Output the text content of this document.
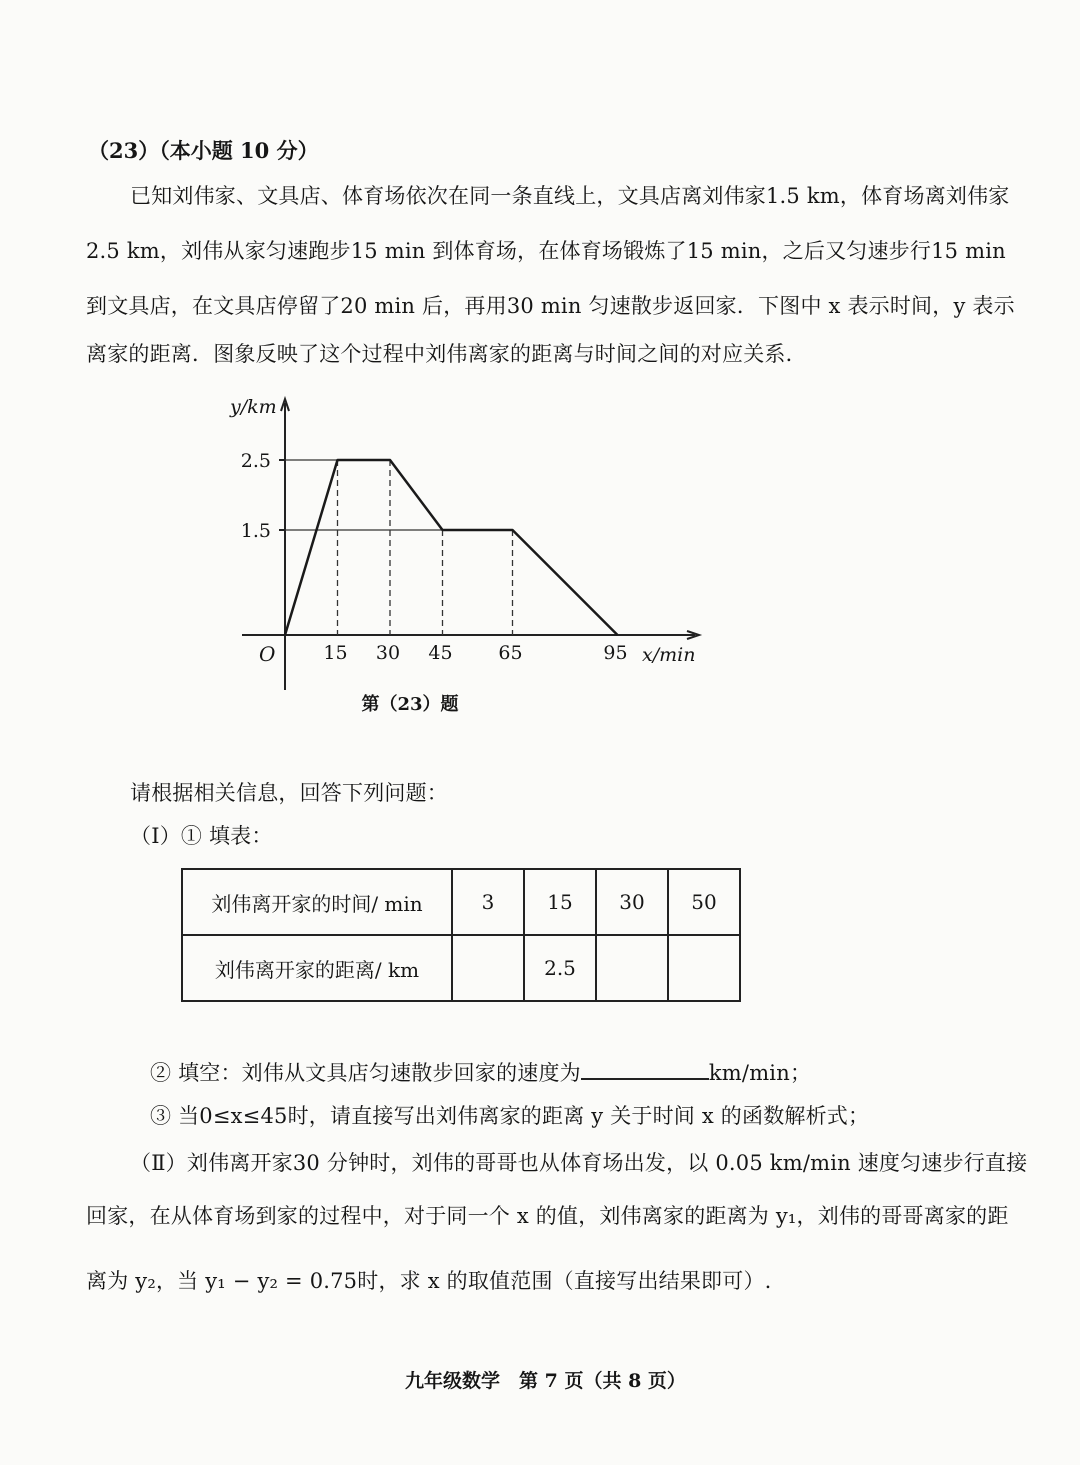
（23）（本小题 10 分）
已知刘伟家、文具店、体育场依次在同一条直线上，文具店离刘伟家1.5 km，体育场离刘伟家
2.5 km，刘伟从家匀速跑步15 min 到体育场，在体育场锻炼了15 min，之后又匀速步行15 min
到文具店，在文具店停留了20 min 后，再用30 min 匀速散步返回家．下图中 x 表示时间，y 表示
离家的距离．图象反映了这个过程中刘伟离家的距离与时间之间的对应关系．
y/km
x/min
O
1.5
2.5
15 30 45 65	95
第（23）题
请根据相关信息，回答下列问题：
（Ⅰ）① 填表：
刘伟离开家的时间/ min	3	15	30	50
刘伟离开家的距离/ km		2.5		
② 填空：刘伟从文具店匀速散步回家的速度为	km/min；
③ 当0≤x≤45时，请直接写出刘伟离家的距离 y 关于时间 x 的函数解析式；
（Ⅱ）刘伟离开家30 分钟时，刘伟的哥哥也从体育场出发，以 0.05 km/min 速度匀速步行直接
回家，在从体育场到家的过程中，对于同一个 x 的值，刘伟离家的距离为 y₁，刘伟的哥哥离家的距
离为 y₂，当 y₁ − y₂ = 0.75时，求 x 的取值范围（直接写出结果即可）.
九年级数学　第 7 页（共 8 页）
